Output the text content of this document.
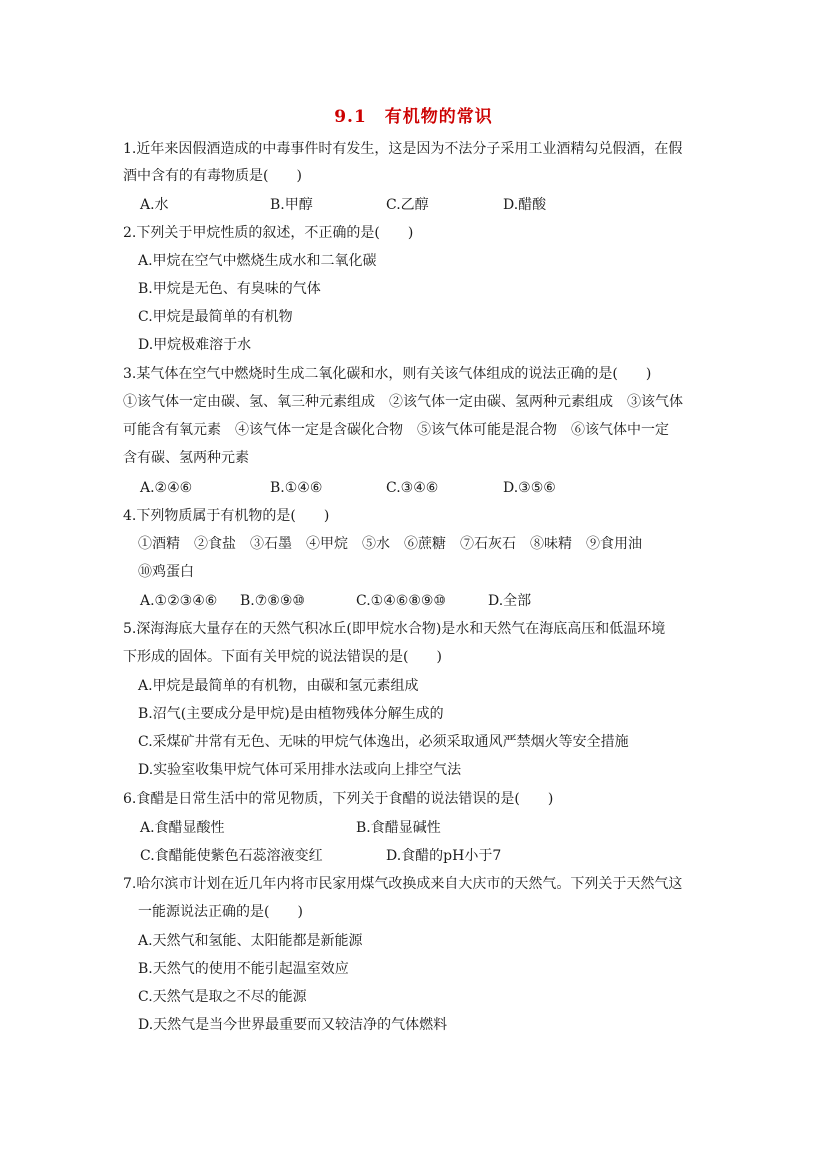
9.1　有机物的常识
1.近年来因假酒造成的中毒事件时有发生，这是因为不法分子采用工业酒精勾兑假酒，在假
酒中含有的有毒物质是(　　)
A.水	B.甲醇	C.乙醇	D.醋酸
2.下列关于甲烷性质的叙述，不正确的是(　　)
A.甲烷在空气中燃烧生成水和二氧化碳
B.甲烷是无色、有臭味的气体
C.甲烷是最简单的有机物
D.甲烷极难溶于水
3.某气体在空气中燃烧时生成二氧化碳和水，则有关该气体组成的说法正确的是(　　)
①该气体一定由碳、氢、氧三种元素组成　②该气体一定由碳、氢两种元素组成　③该气体
可能含有氧元素　④该气体一定是含碳化合物　⑤该气体可能是混合物　⑥该气体中一定
含有碳、氢两种元素
A.②④⑥	B.①④⑥	C.③④⑥	D.③⑤⑥
4.下列物质属于有机物的是(　　)
①酒精　②食盐　③石墨　④甲烷　⑤水　⑥蔗糖　⑦石灰石　⑧味精　⑨食用油
⑩鸡蛋白
A.①②③④⑥ B.⑦⑧⑨⑩	C.①④⑥⑧⑨⑩	D.全部
5.深海海底大量存在的天然气积冰丘(即甲烷水合物)是水和天然气在海底高压和低温环境
下形成的固体。下面有关甲烷的说法错误的是(　　)
A.甲烷是最简单的有机物，由碳和氢元素组成
B.沼气(主要成分是甲烷)是由植物残体分解生成的
C.采煤矿井常有无色、无味的甲烷气体逸出，必须采取通风严禁烟火等安全措施
D.实验室收集甲烷气体可采用排水法或向上排空气法
6.食醋是日常生活中的常见物质，下列关于食醋的说法错误的是(　　)
A.食醋显酸性	B.食醋显碱性
C.食醋能使紫色石蕊溶液变红	D.食醋的pH小于7
7.哈尔滨市计划在近几年内将市民家用煤气改换成来自大庆市的天然气。下列关于天然气这
一能源说法正确的是(　　)
A.天然气和氢能、太阳能都是新能源
B.天然气的使用不能引起温室效应
C.天然气是取之不尽的能源
D.天然气是当今世界最重要而又较洁净的气体燃料
